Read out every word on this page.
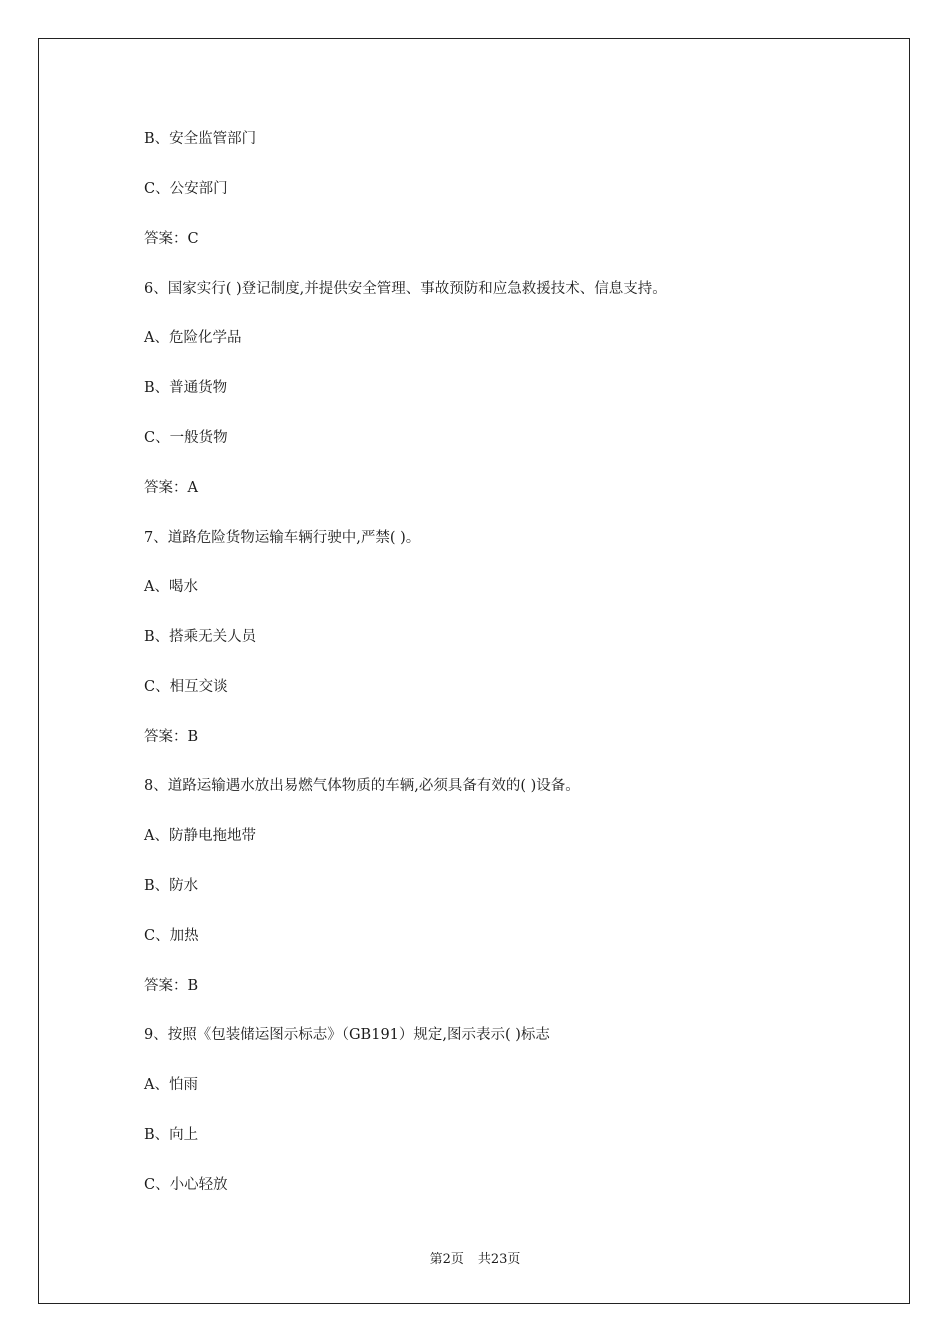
B、安全监管部门
C、公安部门
答案：C
6、国家实行( )登记制度,并提供安全管理、事故预防和应急救援技术、信息支持。
A、危险化学品
B、普通货物
C、一般货物
答案：A
7、道路危险货物运输车辆行驶中,严禁( )。
A、喝水
B、搭乘无关人员
C、相互交谈
答案：B
8、道路运输遇水放出易燃气体物质的车辆,必须具备有效的( )设备。
A、防静电拖地带
B、防水
C、加热
答案：B
9、按照《包装储运图示标志》（GB191）规定,图示表示( )标志
A、怕雨
B、向上
C、小心轻放
第2页 共23页
